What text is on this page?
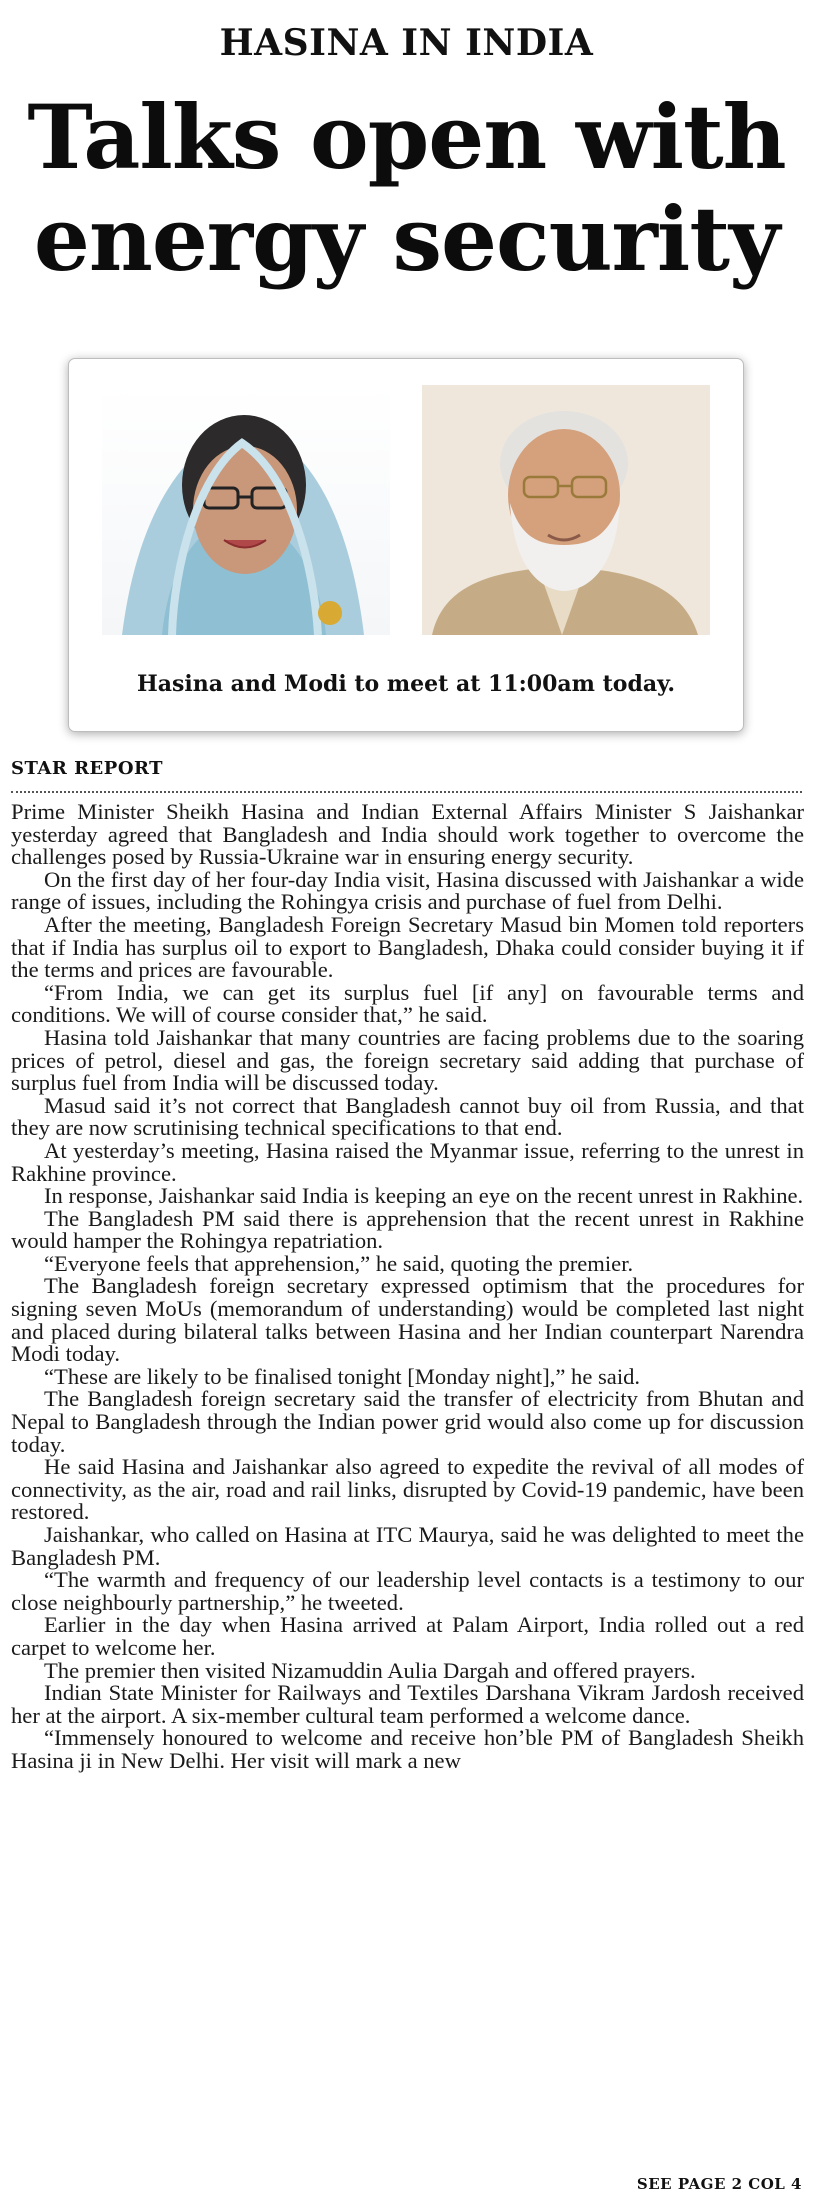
HASINA IN INDIA
Talks open with
energy security
Hasina and Modi to meet at 11:00am today.
STAR REPORT

Prime Minister Sheikh Hasina and Indian External Affairs Minister S Jaishankar yesterday agreed that Bangladesh and India should work together to overcome the challenges posed by Russia-Ukraine war in ensuring energy security.

On the first day of her four-day India visit, Hasina discussed with Jaishankar a wide range of issues, including the Rohingya crisis and purchase of fuel from Delhi.

After the meeting, Bangladesh Foreign Secretary Masud bin Momen told reporters that if India has surplus oil to export to Bangladesh, Dhaka could consider buying it if the terms and prices are favourable.

“From India, we can get its surplus fuel [if any] on favourable terms and conditions. We will of course consider that,” he said.

Hasina told Jaishankar that many countries are facing problems due to the soaring prices of petrol, diesel and gas, the foreign secretary said adding that purchase of surplus fuel from India will be discussed today.

Masud said it’s not correct that Bangladesh cannot buy oil from Russia, and that they are now scrutinising technical specifications to that end.

At yesterday’s meeting, Hasina raised the Myanmar issue, referring to the unrest in Rakhine province.

In response, Jaishankar said India is keeping an eye on the recent unrest in Rakhine.

The Bangladesh PM said there is apprehension that the recent unrest in Rakhine would hamper the Rohingya repatriation.

“Everyone feels that apprehension,” he said, quoting the premier.

The Bangladesh foreign secretary expressed optimism that the procedures for signing seven MoUs (memorandum of understanding) would be completed last night and placed during bilateral talks between Hasina and her Indian counterpart Narendra Modi today.

“These are likely to be finalised tonight [Monday night],” he said.

The Bangladesh foreign secretary said the transfer of electricity from Bhutan and Nepal to Bangladesh through the Indian power grid would also come up for discussion today.

He said Hasina and Jaishankar also agreed to expedite the revival of all modes of connectivity, as the air, road and rail links, disrupted by Covid-19 pandemic, have been restored.

Jaishankar, who called on Hasina at ITC Maurya, said he was delighted to meet the Bangladesh PM.

“The warmth and frequency of our leadership level contacts is a testimony to our close neighbourly partnership,” he tweeted.

Earlier in the day when Hasina arrived at Palam Airport, India rolled out a red carpet to welcome her.

The premier then visited Nizamuddin Aulia Dargah and offered prayers.

Indian State Minister for Railways and Textiles Darshana Vikram Jardosh received her at the airport. A six-member cultural team performed a welcome dance.

“Immensely honoured to welcome and receive hon’ble PM of Bangladesh Sheikh Hasina ji in New Delhi. Her visit will mark a new

SEE PAGE 2 COL 4
